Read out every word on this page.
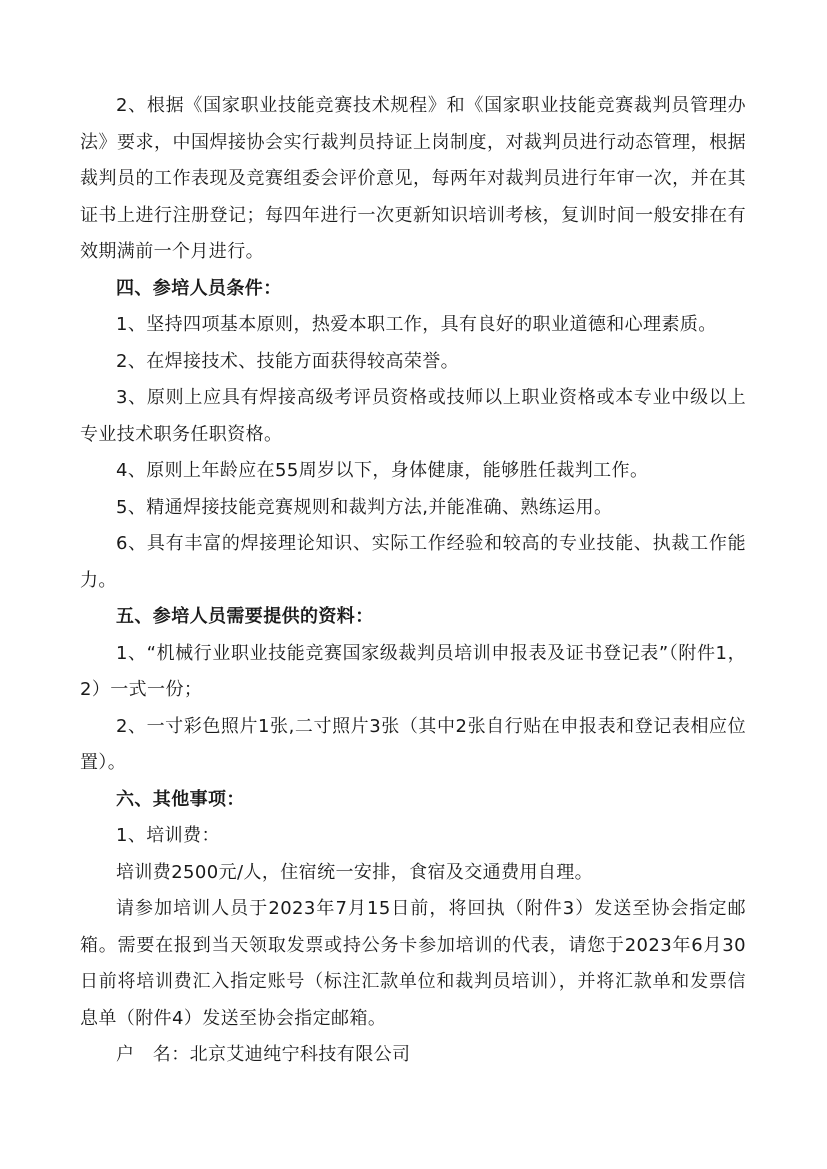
2、根据《国家职业技能竞赛技术规程》和《国家职业技能竞赛裁判员管理办法》要求，中国焊接协会实行裁判员持证上岗制度，对裁判员进行动态管理，根据裁判员的工作表现及竞赛组委会评价意见，每两年对裁判员进行年审一次，并在其证书上进行注册登记；每四年进行一次更新知识培训考核，复训时间一般安排在有效期满前一个月进行。

四、参培人员条件：

1、坚持四项基本原则，热爱本职工作，具有良好的职业道德和心理素质。

2、在焊接技术、技能方面获得较高荣誉。

3、原则上应具有焊接高级考评员资格或技师以上职业资格或本专业中级以上专业技术职务任职资格。

4、原则上年龄应在55周岁以下，身体健康，能够胜任裁判工作。

5、精通焊接技能竞赛规则和裁判方法,并能准确、熟练运用。

6、具有丰富的焊接理论知识、实际工作经验和较高的专业技能、执裁工作能力。

五、参培人员需要提供的资料：

1、“机械行业职业技能竞赛国家级裁判员培训申报表及证书登记表”（附件1，2）一式一份；

2、一寸彩色照片1张,二寸照片3张（其中2张自行贴在申报表和登记表相应位置）。

六、其他事项：

1、培训费：

培训费2500元/人，住宿统一安排，食宿及交通费用自理。

请参加培训人员于2023年7月15日前，将回执（附件3）发送至协会指定邮箱。需要在报到当天领取发票或持公务卡参加培训的代表，请您于2023年6月30日前将培训费汇入指定账号（标注汇款单位和裁判员培训），并将汇款单和发票信息单（附件4）发送至协会指定邮箱。

户　名：北京艾迪纯宁科技有限公司
